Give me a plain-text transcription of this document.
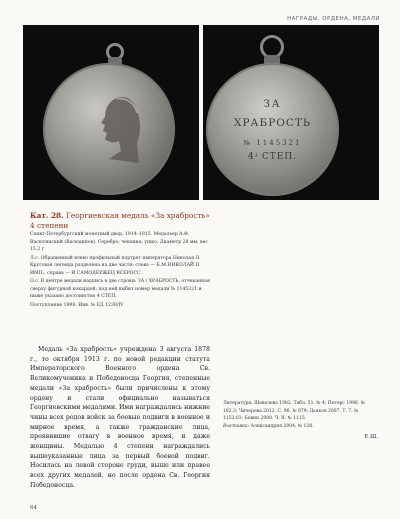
НАГРАДЫ, ОРДЕНА, МЕДАЛИ
ЗА
ХРАБРОСТЬ
№ 1145321
4ʲ СТЕП.
Кат. 28. Георгиевская медаль «За храбрость» 4 степени

Санкт-Петербургский монетный двор, 1914–1915. Медальер А.Ф. Васютинский (Васюдинов). Серебро; чеканка; ушко. Диаметр 28 мм; вес 15,2 г

Л.с. Обращенный влево профильный портрет императора Николая II. Круговая легенда разделена на две части: слева — Б.М.НИКОЛАЙ II ИМП., справа — И САМОДЕРЖЕЦ ВСЕРОСС.

О.с. В центре медали надпись в две строки: ЗА / ХРАБРОСТЬ, отчеканная сверху фигурной кокардой; под ней выбит номер медали № 1145321 и ниже указано достоинство 4 СТЕП.

Поступление 1998. Инв. № ЕД 1239/IV

Медаль «За храбрость» учреждена 3 августа 1878 г., то октября 1913 г. по новой редакции статута Императорского Военного ордена Св. Великомученика и Победоносца Георгия, степенные медали «За храбрость» были причислены к этому ордену и стали официально называться Георгиевскими медалями. Ими награждались нижние чины всех родов войск за боевые подвиги в военное и мирное время, а также гражданские лица, проявившие отвагу в военное время, и даже женщины. Медалью 4 степени награждались вышеуказанные лица за первый боевой подвиг. Носилась на левой стороне груди, выше или правее всех других медалей, но после ордена Св. Георгия Победоносца.

Литература: Шевелева 1982. Табл. 51. № 4; Петерс 1996. № 182.3; Чичерова 2012. С. 96. № 879; Дьяков 2007. Т. 7. № 1152.03; Бевин 2008. Ч. II. № 1115.
Выставки: Александрия 2004. № 128.
Е.Ш.
64
